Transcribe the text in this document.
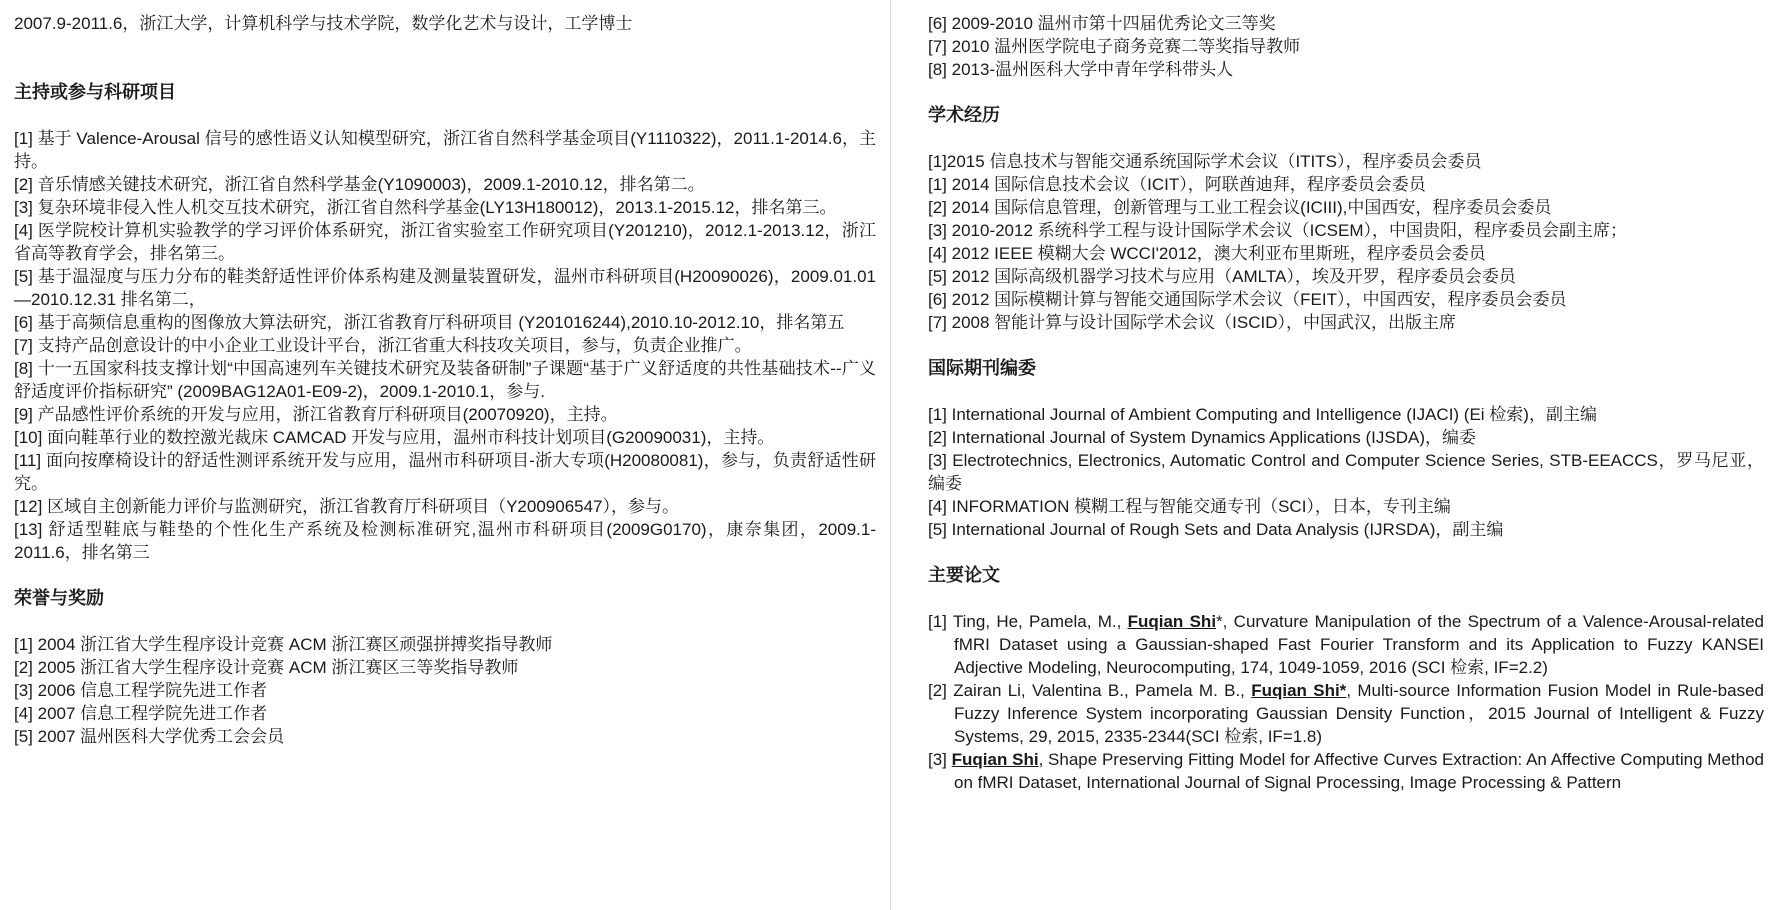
2007.9-2011.6，浙江大学，计算机科学与技术学院，数学化艺术与设计，工学博士
主持或参与科研项目
[1] 基于 Valence-Arousal 信号的感性语义认知模型研究，浙江省自然科学基金项目(Y1110322)，2011.1-2014.6，主持。
[2] 音乐情感关键技术研究，浙江省自然科学基金(Y1090003)，2009.1-2010.12，排名第二。
[3] 复杂环境非侵入性人机交互技术研究，浙江省自然科学基金(LY13H180012)，2013.1-2015.12，排名第三。
[4] 医学院校计算机实验教学的学习评价体系研究，浙江省实验室工作研究项目(Y201210)，2012.1-2013.12，浙江省高等教育学会，排名第三。
[5] 基于温湿度与压力分布的鞋类舒适性评价体系构建及测量装置研发，温州市科研项目(H20090026)，2009.01.01—2010.12.31 排名第二，
[6] 基于高频信息重构的图像放大算法研究，浙江省教育厅科研项目 (Y201016244),2010.10-2012.10，排名第五
[7] 支持产品创意设计的中小企业工业设计平台，浙江省重大科技攻关项目，参与，负责企业推广。
[8] 十一五国家科技支撑计划“中国高速列车关键技术研究及装备研制”子课题“基于广义舒适度的共性基础技术--广义舒适度评价指标研究” (2009BAG12A01-E09-2)，2009.1-2010.1，参与.
[9] 产品感性评价系统的开发与应用，浙江省教育厅科研项目(20070920)，主持。
[10] 面向鞋革行业的数控激光裁床 CAMCAD 开发与应用，温州市科技计划项目(G20090031)，主持。
[11] 面向按摩椅设计的舒适性测评系统开发与应用，温州市科研项目-浙大专项(H20080081)，参与，负责舒适性研究。
[12] 区域自主创新能力评价与监测研究，浙江省教育厅科研项目（Y200906547），参与。
[13] 舒适型鞋底与鞋垫的个性化生产系统及检测标准研究,温州市科研项目(2009G0170)，康奈集团，2009.1-2011.6，排名第三
荣誉与奖励
[1] 2004 浙江省大学生程序设计竞赛 ACM 浙江赛区顽强拼搏奖指导教师
[2] 2005 浙江省大学生程序设计竞赛 ACM 浙江赛区三等奖指导教师
[3] 2006 信息工程学院先进工作者
[4] 2007 信息工程学院先进工作者
[5] 2007 温州医科大学优秀工会会员
[6] 2009-2010 温州市第十四届优秀论文三等奖
[7] 2010 温州医学院电子商务竞赛二等奖指导教师
[8] 2013-温州医科大学中青年学科带头人
学术经历
[1]2015 信息技术与智能交通系统国际学术会议（ITITS），程序委员会委员
[1] 2014 国际信息技术会议（ICIT），阿联酋迪拜，程序委员会委员
[2] 2014 国际信息管理，创新管理与工业工程会议(ICIII),中国西安，程序委员会委员
[3] 2010-2012 系统科学工程与设计国际学术会议（ICSEM），中国贵阳，程序委员会副主席；
[4] 2012 IEEE 模糊大会 WCCI'2012，澳大利亚布里斯班，程序委员会委员
[5] 2012 国际高级机器学习技术与应用（AMLTA），埃及开罗，程序委员会委员
[6] 2012 国际模糊计算与智能交通国际学术会议（FEIT），中国西安，程序委员会委员
[7] 2008 智能计算与设计国际学术会议（ISCID），中国武汉，出版主席
国际期刊编委
[1] International Journal of Ambient Computing and Intelligence (IJACI) (Ei 检索)，副主编
[2] International Journal of System Dynamics Applications (IJSDA)，编委
[3] Electrotechnics, Electronics, Automatic Control and Computer Science Series, STB-EEACCS，罗马尼亚，编委
[4] INFORMATION 模糊工程与智能交通专刊（SCI），日本，专刊主编
[5] International Journal of Rough Sets and Data Analysis (IJRSDA)，副主编
主要论文
[1] Ting, He, Pamela, M., Fuqian Shi*, Curvature Manipulation of the Spectrum of a Valence-Arousal-related fMRI Dataset using a Gaussian-shaped Fast Fourier Transform and its Application to Fuzzy KANSEI Adjective Modeling, Neurocomputing, 174, 1049-1059, 2016 (SCI 检索, IF=2.2)
[2] Zairan Li, Valentina B., Pamela M. B., Fuqian Shi*, Multi-source Information Fusion Model in Rule-based Fuzzy Inference System incorporating Gaussian Density Function，2015 Journal of Intelligent & Fuzzy Systems, 29, 2015, 2335-2344(SCI 检索, IF=1.8)
[3] Fuqian Shi, Shape Preserving Fitting Model for Affective Curves Extraction: An Affective Computing Method on fMRI Dataset, International Journal of Signal Processing, Image Processing & Pattern
